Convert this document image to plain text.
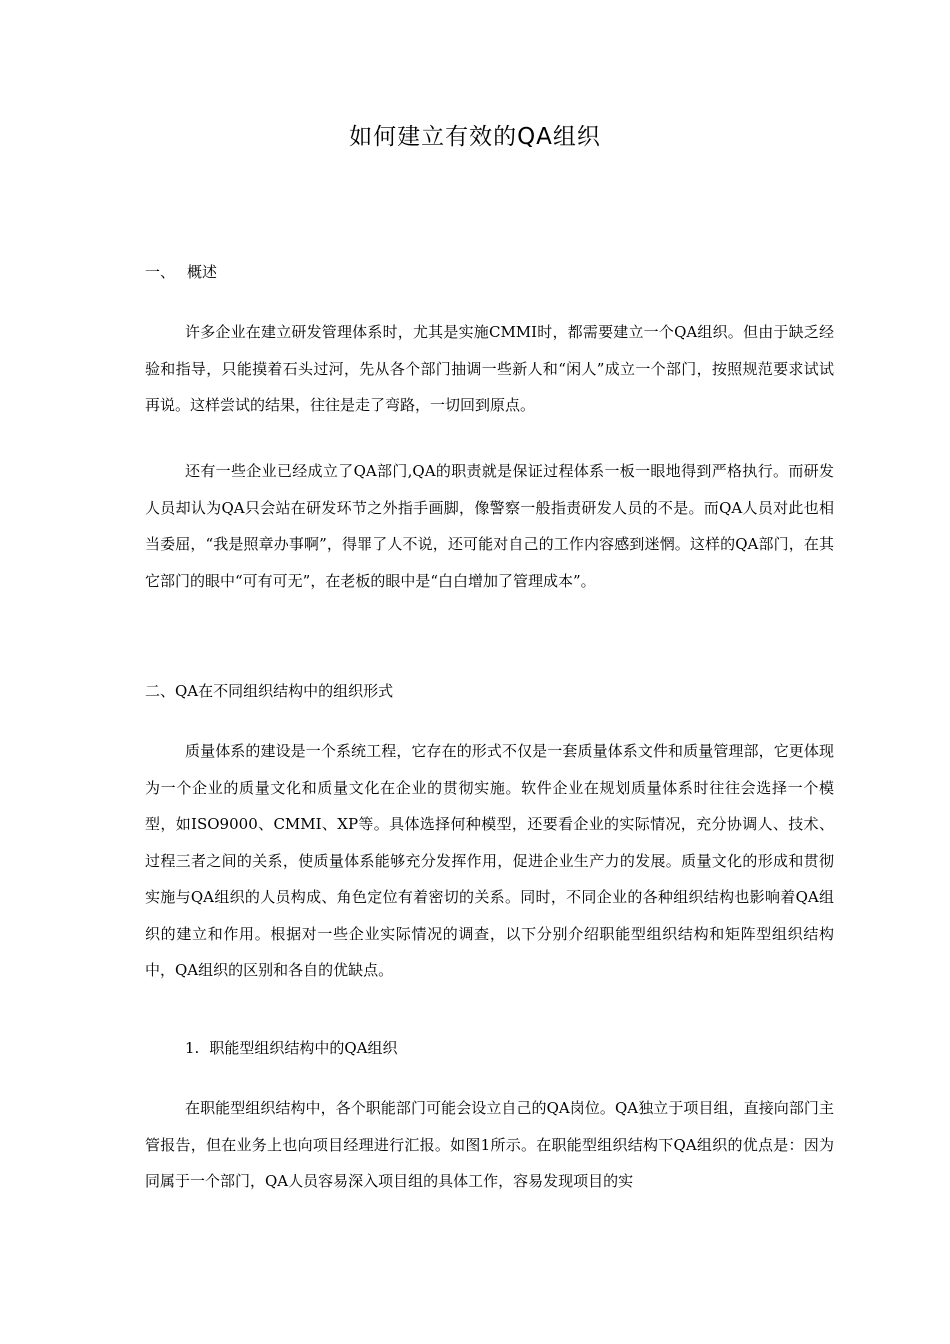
如何建立有效的QA组织
一、 概述

许多企业在建立研发管理体系时，尤其是实施CMMI时，都需要建立一个QA组织。但由于缺乏经验和指导，只能摸着石头过河，先从各个部门抽调一些新人和“闲人”成立一个部门，按照规范要求试试再说。这样尝试的结果，往往是走了弯路，一切回到原点。

还有一些企业已经成立了QA部门,QA的职责就是保证过程体系一板一眼地得到严格执行。而研发人员却认为QA只会站在研发环节之外指手画脚，像警察一般指责研发人员的不是。而QA人员对此也相当委屈，“我是照章办事啊”，得罪了人不说，还可能对自己的工作内容感到迷惘。这样的QA部门，在其它部门的眼中“可有可无”，在老板的眼中是“白白增加了管理成本”。

二、QA在不同组织结构中的组织形式

质量体系的建设是一个系统工程，它存在的形式不仅是一套质量体系文件和质量管理部，它更体现为一个企业的质量文化和质量文化在企业的贯彻实施。软件企业在规划质量体系时往往会选择一个模型，如ISO9000、CMMI、XP等。具体选择何种模型，还要看企业的实际情况，充分协调人、技术、过程三者之间的关系，使质量体系能够充分发挥作用，促进企业生产力的发展。质量文化的形成和贯彻实施与QA组织的人员构成、角色定位有着密切的关系。同时，不同企业的各种组织结构也影响着QA组织的建立和作用。根据对一些企业实际情况的调查，以下分别介绍职能型组织结构和矩阵型组织结构中，QA组织的区别和各自的优缺点。

1. 职能型组织结构中的QA组织

在职能型组织结构中，各个职能部门可能会设立自己的QA岗位。QA独立于项目组，直接向部门主管报告，但在业务上也向项目经理进行汇报。如图1所示。在职能型组织结构下QA组织的优点是：因为同属于一个部门，QA人员容易深入项目组的具体工作，容易发现项目的实
